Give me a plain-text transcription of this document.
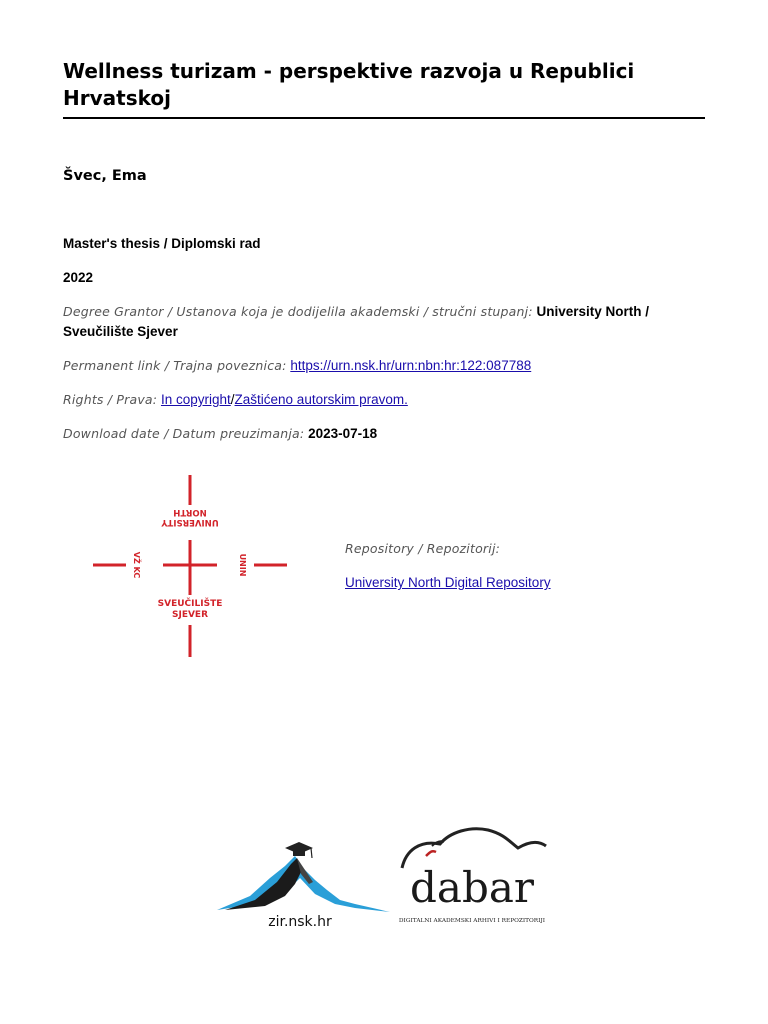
Wellness turizam - perspektive razvoja u Republici Hrvatskoj

Švec, Ema

Master's thesis / Diplomski rad

2022

Degree Grantor / Ustanova koja je dodijelila akademski / stručni stupanj: University North / Sveučilište Sjever

Permanent link / Trajna poveznica: https://urn.nsk.hr/urn:nbn:hr:122:087788

Rights / Prava: In copyright/Zaštićeno autorskim pravom.

Download date / Datum preuzimanja: 2023-07-18

UNIVERSITY
NORTH
VŽ KC	UNIN
SVEUČILIŠTE
SJEVER

Repository / Repozitorij:

University North Digital Repository
zir.nsk.hr
dabar
DIGITALNI AKADEMSKI ARHIVI I REPOZITORIJI
